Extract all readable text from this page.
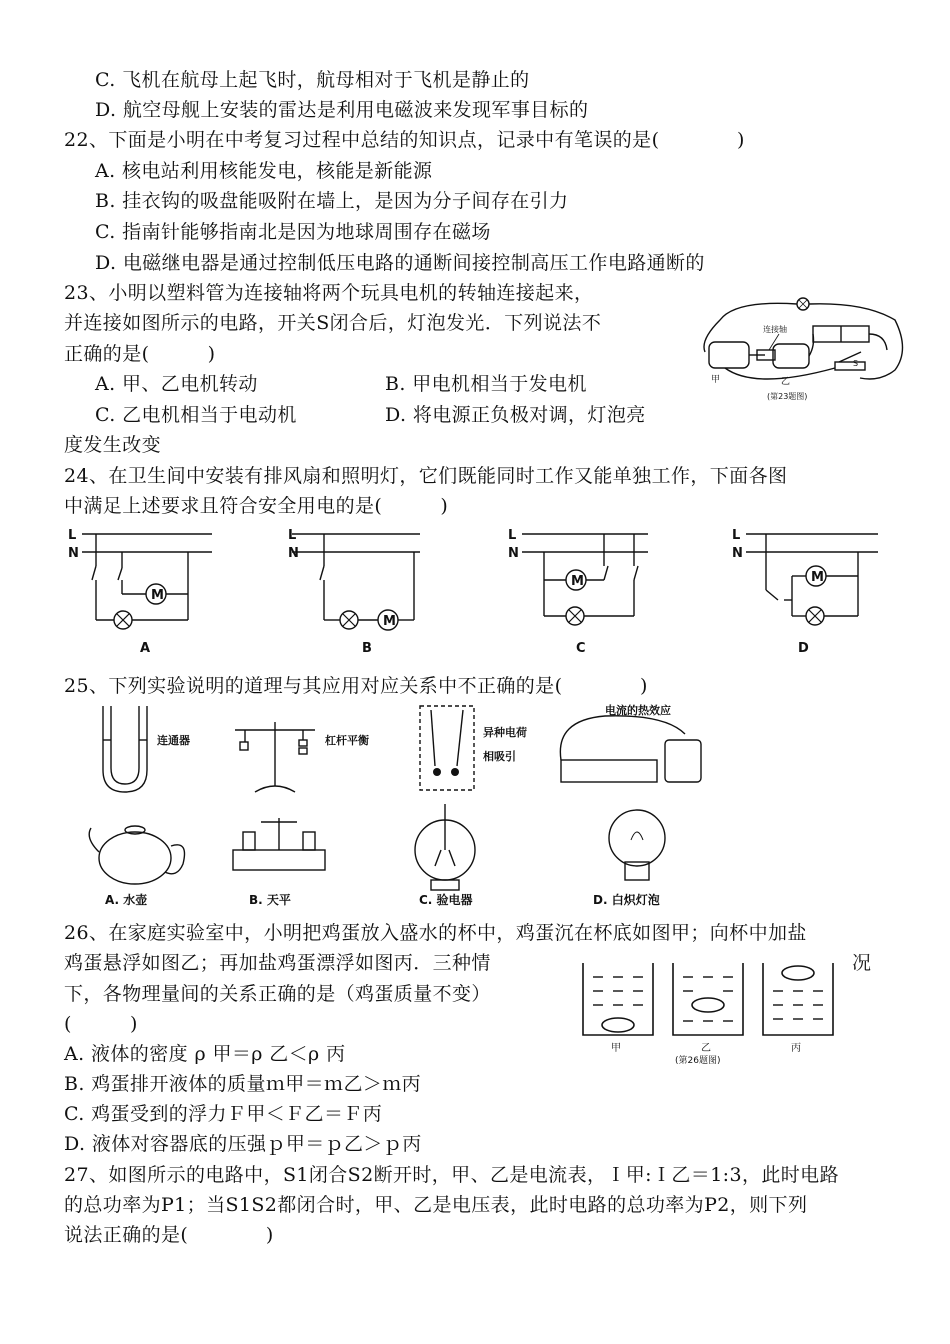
C. 飞机在航母上起飞时，航母相对于飞机是静止的
D. 航空母舰上安装的雷达是利用电磁波来发现军事目标的
22、下面是小明在中考复习过程中总结的知识点，记录中有笔误的是(　　　　)
A. 核电站利用核能发电，核能是新能源
B. 挂衣钩的吸盘能吸附在墙上，是因为分子间存在引力
C. 指南针能够指南北是因为地球周围存在磁场
D. 电磁继电器是通过控制低压电路的通断间接控制高压工作电路通断的
23、小明以塑料管为连接轴将两个玩具电机的转轴连接起来，
并连接如图所示的电路，开关S闭合后，灯泡发光．下列说法不
正确的是(　　　)
A. 甲、乙电机转动	B. 甲电机相当于发电机
C. 乙电机相当于电动机	D. 将电源正负极对调，灯泡亮
度发生改变
连接轴
S
甲	乙
(第23题图)
24、在卫生间中安装有排风扇和照明灯，它们既能同时工作又能单独工作，下面各图
中满足上述要求且符合安全用电的是(　　　)
M
L
N
A
M
L
N
B
M
L
N
C
M
L
N
D
25、下列实验说明的道理与其应用对应关系中不正确的是(　　　　)
连通器	杠杆平衡
异种电荷
相吸引
电流的热效应
A. 水壶	B. 天平	C. 验电器	D. 白炽灯泡
26、在家庭实验室中，小明把鸡蛋放入盛水的杯中，鸡蛋沉在杯底如图甲；向杯中加盐
鸡蛋悬浮如图乙；再加盐鸡蛋漂浮如图丙．三种情	况
下，各物理量间的关系正确的是（鸡蛋质量不变）
(　　　)
A. 液体的密度 ρ 甲＝ρ 乙＜ρ 丙
B. 鸡蛋排开液体的质量ｍ甲＝ｍ乙＞ｍ丙
C. 鸡蛋受到的浮力Ｆ甲＜Ｆ乙＝Ｆ丙
D. 液体对容器底的压强ｐ甲＝ｐ乙＞ｐ丙
甲	乙	丙
(第26题图)
27、如图所示的电路中，S1闭合S2断开时，甲、乙是电流表，Ｉ甲:Ｉ乙＝1:3，此时电路
的总功率为P1；当S1S2都闭合时，甲、乙是电压表，此时电路的总功率为P2，则下列
说法正确的是(　　　　)
